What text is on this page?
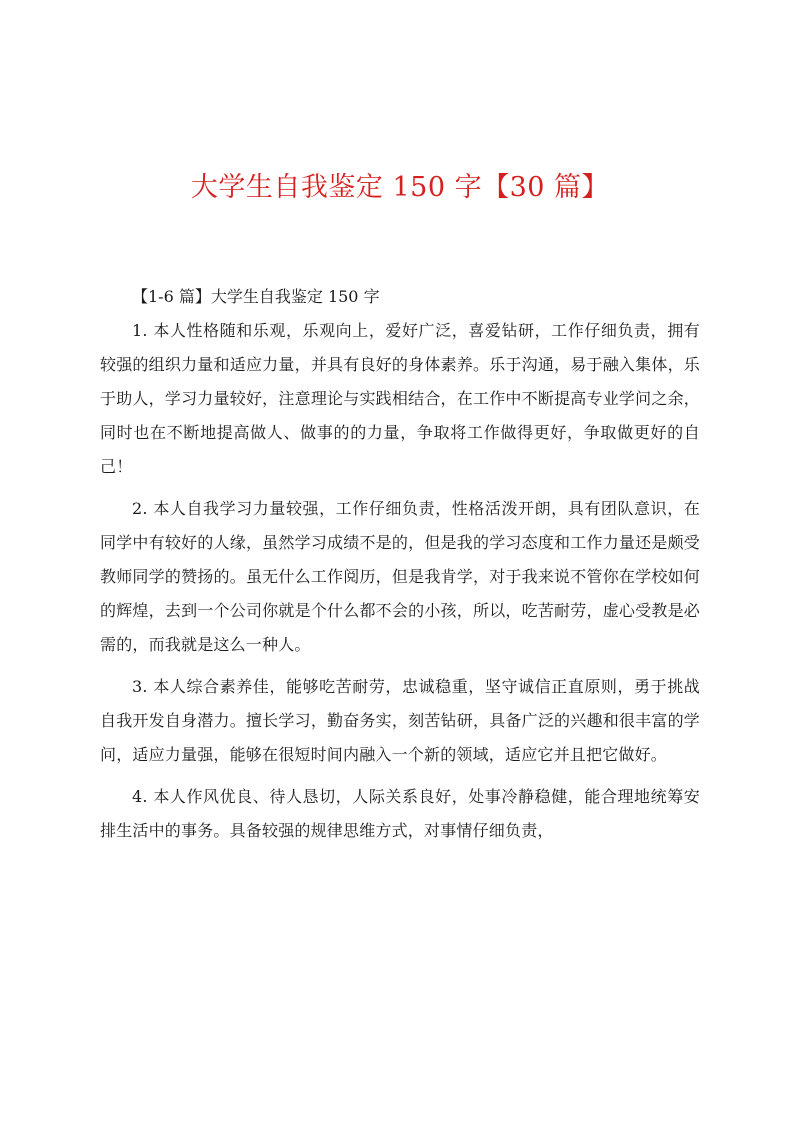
大学生自我鉴定 150 字【30 篇】

【1-6 篇】大学生自我鉴定 150 字

1. 本人性格随和乐观，乐观向上，爱好广泛，喜爱钻研，工作仔细负责，拥有较强的组织力量和适应力量，并具有良好的身体素养。乐于沟通，易于融入集体，乐于助人，学习力量较好，注意理论与实践相结合，在工作中不断提高专业学问之余，同时也在不断地提高做人、做事的的力量，争取将工作做得更好，争取做更好的自己！

2. 本人自我学习力量较强，工作仔细负责，性格活泼开朗，具有团队意识，在同学中有较好的人缘，虽然学习成绩不是的，但是我的学习态度和工作力量还是颇受教师同学的赞扬的。虽无什么工作阅历，但是我肯学，对于我来说不管你在学校如何的辉煌，去到一个公司你就是个什么都不会的小孩，所以，吃苦耐劳，虚心受教是必需的，而我就是这么一种人。

3. 本人综合素养佳，能够吃苦耐劳，忠诚稳重，坚守诚信正直原则，勇于挑战自我开发自身潜力。擅长学习，勤奋务实，刻苦钻研，具备广泛的兴趣和很丰富的学问，适应力量强，能够在很短时间内融入一个新的领域，适应它并且把它做好。

4. 本人作风优良、待人恳切，人际关系良好，处事冷静稳健，能合理地统筹安排生活中的事务。具备较强的规律思维方式，对事情仔细负责，
